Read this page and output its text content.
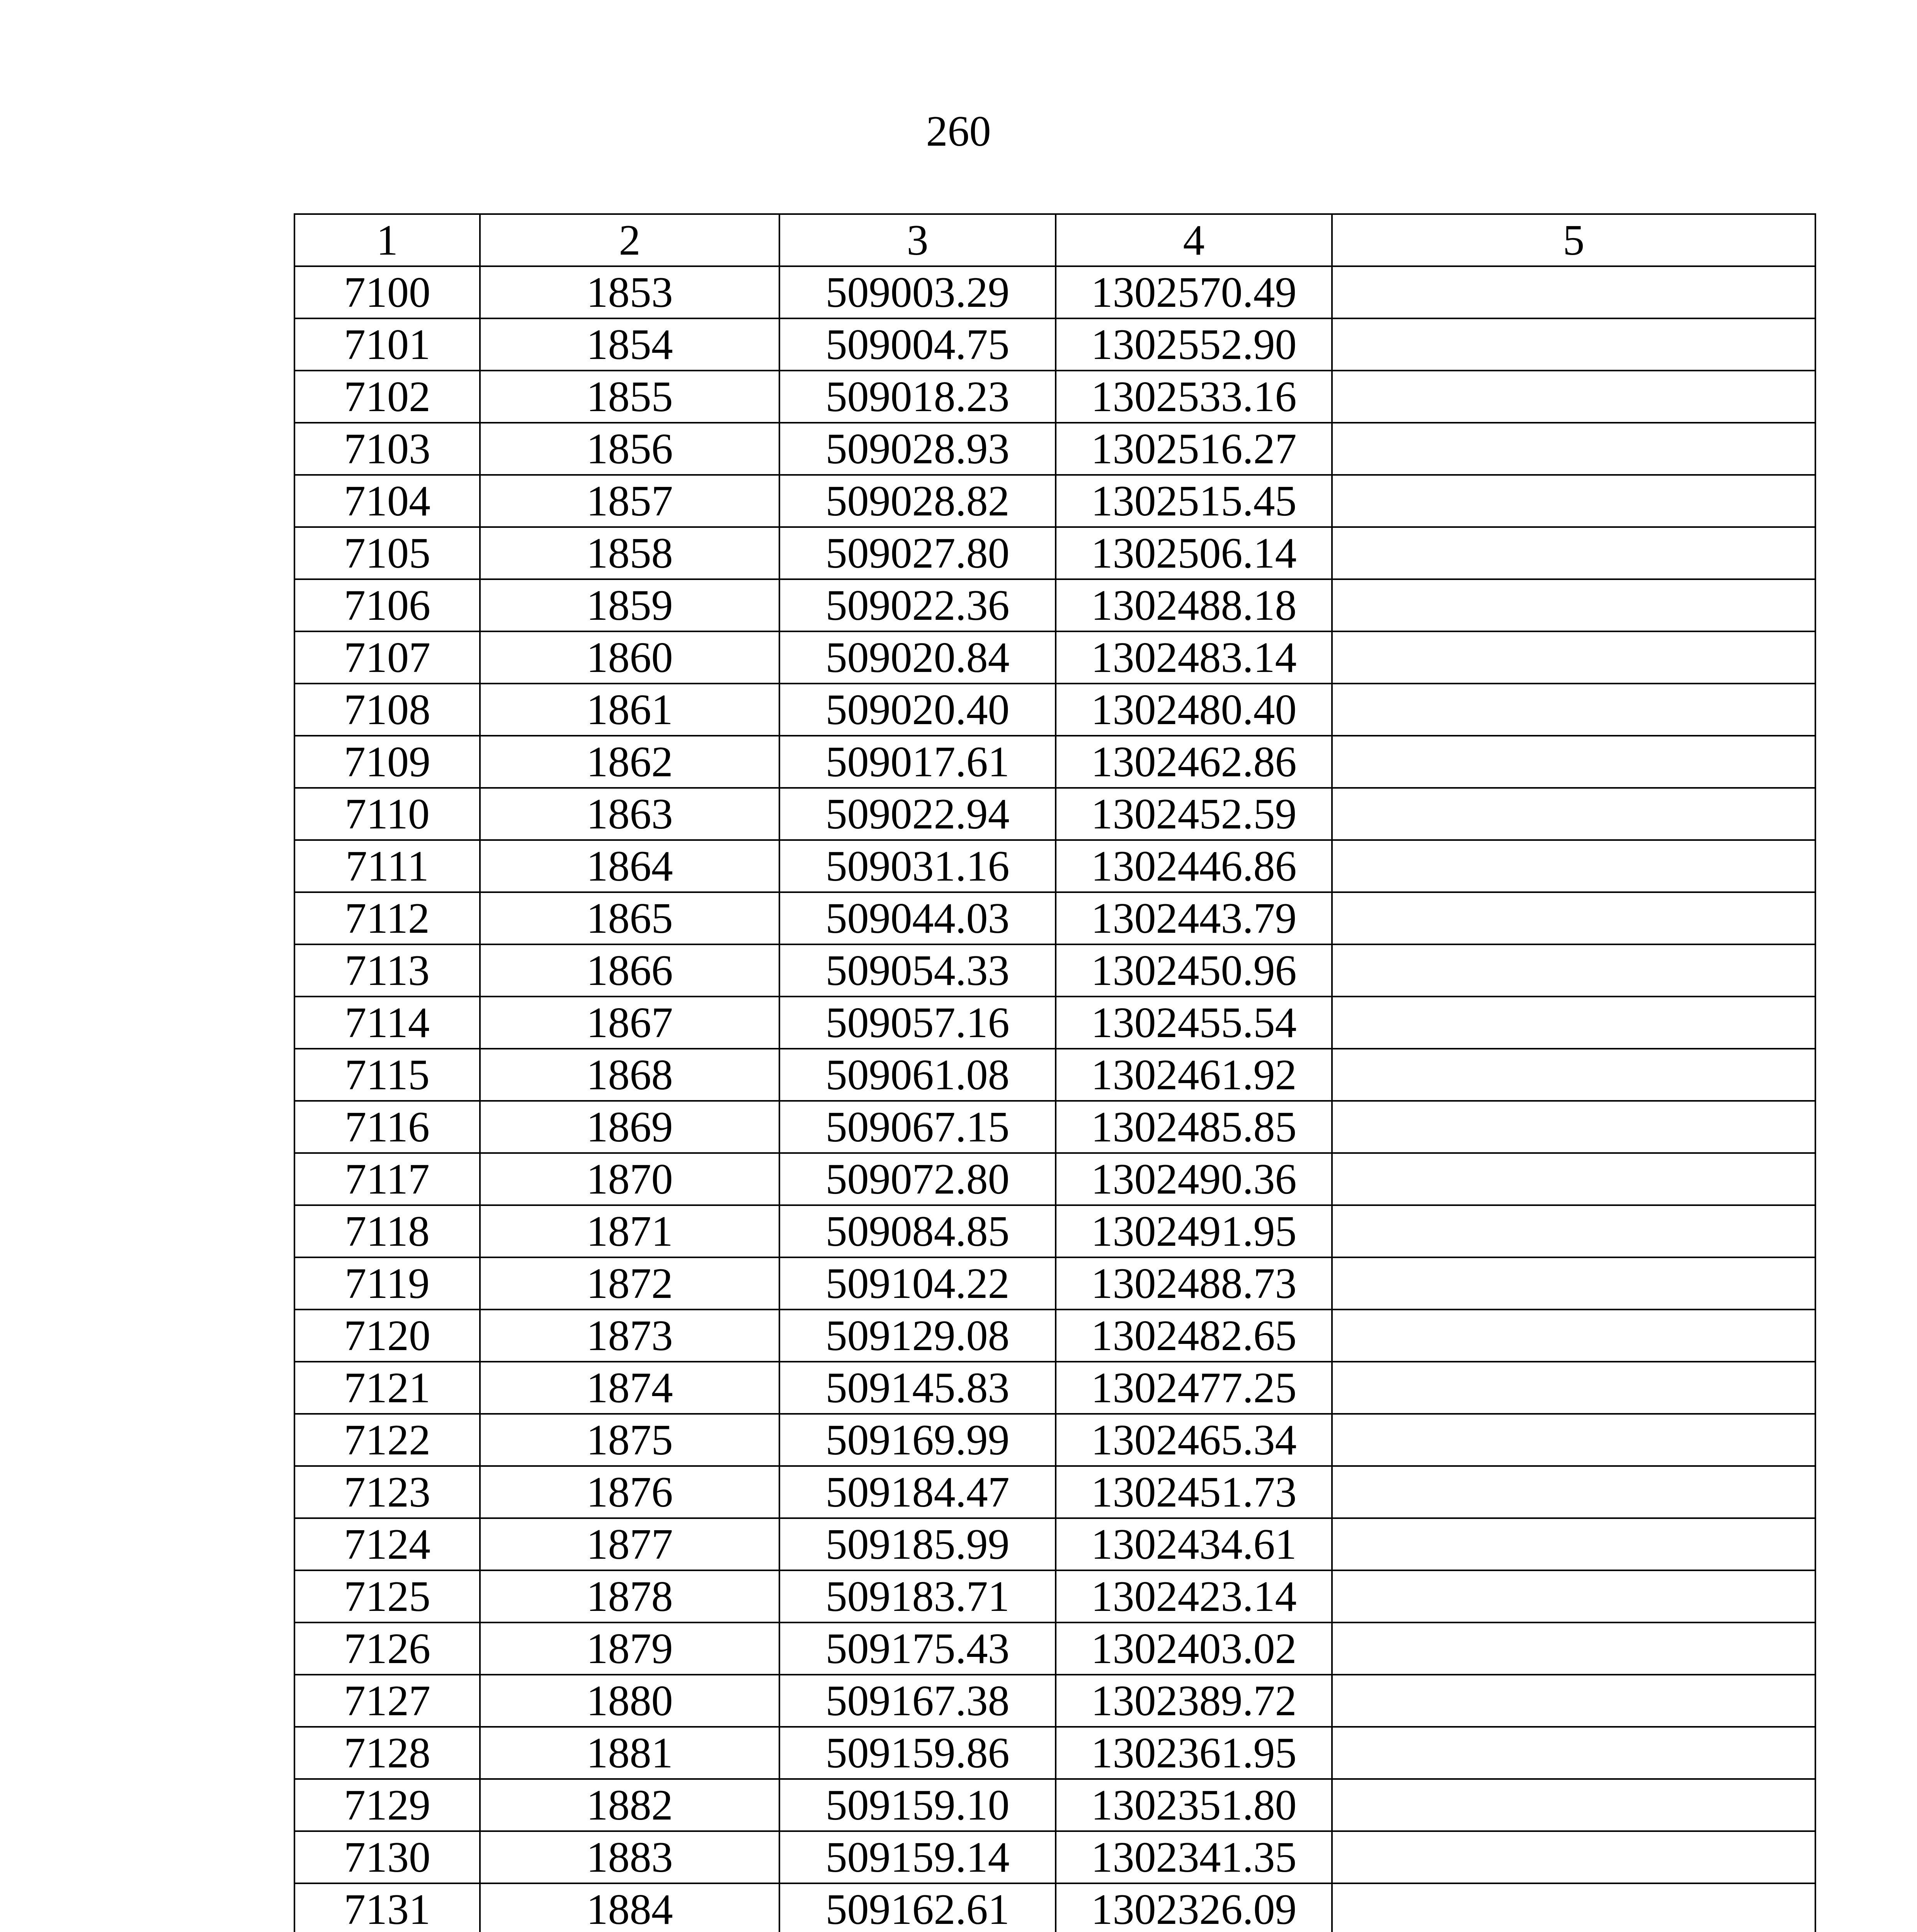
260
1	2	3	4	5
7100	1853	509003.29	1302570.49	
7101	1854	509004.75	1302552.90	
7102	1855	509018.23	1302533.16	
7103	1856	509028.93	1302516.27	
7104	1857	509028.82	1302515.45	
7105	1858	509027.80	1302506.14	
7106	1859	509022.36	1302488.18	
7107	1860	509020.84	1302483.14	
7108	1861	509020.40	1302480.40	
7109	1862	509017.61	1302462.86	
7110	1863	509022.94	1302452.59	
7111	1864	509031.16	1302446.86	
7112	1865	509044.03	1302443.79	
7113	1866	509054.33	1302450.96	
7114	1867	509057.16	1302455.54	
7115	1868	509061.08	1302461.92	
7116	1869	509067.15	1302485.85	
7117	1870	509072.80	1302490.36	
7118	1871	509084.85	1302491.95	
7119	1872	509104.22	1302488.73	
7120	1873	509129.08	1302482.65	
7121	1874	509145.83	1302477.25	
7122	1875	509169.99	1302465.34	
7123	1876	509184.47	1302451.73	
7124	1877	509185.99	1302434.61	
7125	1878	509183.71	1302423.14	
7126	1879	509175.43	1302403.02	
7127	1880	509167.38	1302389.72	
7128	1881	509159.86	1302361.95	
7129	1882	509159.10	1302351.80	
7130	1883	509159.14	1302341.35	
7131	1884	509162.61	1302326.09	
